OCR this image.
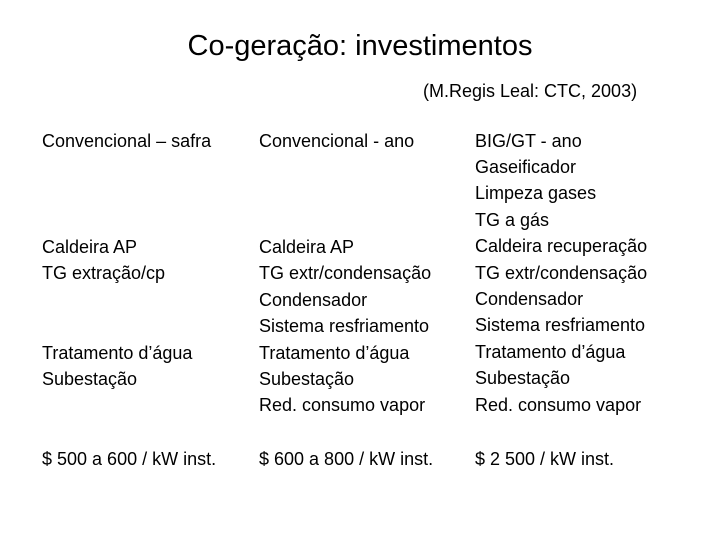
Co-geração: investimentos
(M.Regis Leal: CTC, 2003)
Convencional – safra
Caldeira AP
TG extração/cp
Tratamento d’água
Subestação
$ 500 a 600 / kW inst.
Convencional - ano
Caldeira AP
TG extr/condensação
Condensador
Sistema resfriamento
Tratamento d’água
Subestação
Red. consumo vapor
$ 600 a 800 / kW inst.
BIG/GT - ano
Gaseificador
Limpeza gases
TG a gás
Caldeira recuperação
TG extr/condensação
Condensador
Sistema resfriamento
Tratamento d’água
Subestação
Red. consumo vapor
$ 2 500 / kW inst.
